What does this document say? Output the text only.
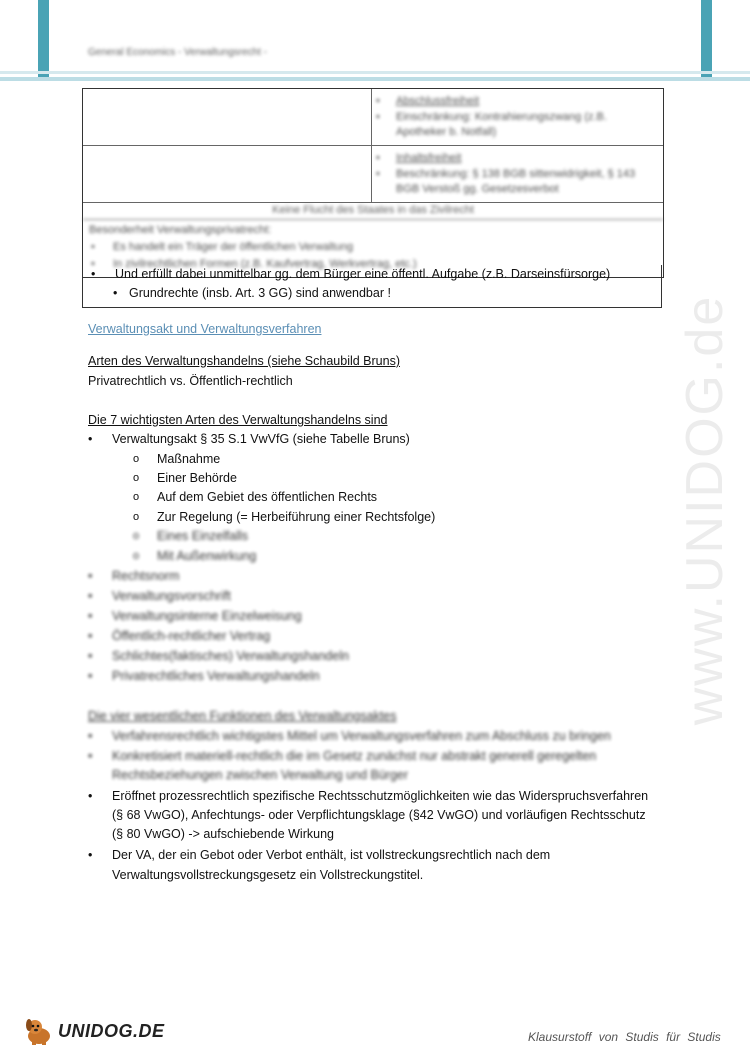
General Economics - Verwaltungsrecht -
www.UNIDOG.de
•	Abschlussfreiheit
•	Einschränkung: Kontrahierungszwang (z.B. Apotheker b. Notfall)
•	Inhaltsfreiheit
•	Beschränkung: § 138 BGB sittenwidrigkeit, § 143 BGB Verstoß gg. Gesetzesverbot
Keine Flucht des Staates in das Zivilrecht
Besonderheit Verwaltungsprivatrecht:
•	Es handelt ein Träger der öffentlichen Verwaltung
•	In zivilrechtlichen Formen (z.B. Kaufvertrag, Werkvertrag, etc.)
•	Und erfüllt dabei unmittelbar gg. dem Bürger eine öffentl. Aufgabe (z.B. Darseinsfürsorge)
• Grundrechte (insb. Art. 3 GG) sind anwendbar !
Verwaltungsakt und Verwaltungsverfahren
Arten des Verwaltungshandelns (siehe Schaubild Bruns)
Privatrechtlich vs. Öffentlich-rechtlich
Die 7 wichtigsten Arten des Verwaltungshandelns sind
•	Verwaltungsakt § 35 S.1 VwVfG (siehe Tabelle Bruns)
o	Maßnahme
o	Einer Behörde
o	Auf dem Gebiet des öffentlichen Rechts
o	Zur Regelung (= Herbeiführung einer Rechtsfolge)
o	Eines Einzelfalls
o	Mit Außenwirkung
•	Rechtsnorm
•	Verwaltungsvorschrift
•	Verwaltungsinterne Einzelweisung
•	Öffentlich-rechtlicher Vertrag
•	Schlichtes(faktisches) Verwaltungshandeln
•	Privatrechtliches Verwaltungshandeln
Die vier wesentlichen Funktionen des Verwaltungsaktes
•	Verfahrensrechtlich wichtigstes Mittel um Verwaltungsverfahren zum Abschluss zu bringen
•	Konkretisiert materiell-rechtlich die im Gesetz zunächst nur abstrakt generell geregelten
Rechtsbeziehungen zwischen Verwaltung und Bürger
•	Eröffnet prozessrechtlich spezifische Rechtsschutzmöglichkeiten wie das Widerspruchsverfahren
(§ 68 VwGO), Anfechtungs- oder Verpflichtungsklage (§42 VwGO) und vorläufigen Rechtsschutz
(§ 80 VwGO) -> aufschiebende Wirkung
•	Der VA, der ein Gebot oder Verbot enthält, ist vollstreckungsrechtlich nach dem
Verwaltungsvollstreckungsgesetz ein Vollstreckungstitel.
UNIDOG.DE	Klausurstoff von Studis für Studis
